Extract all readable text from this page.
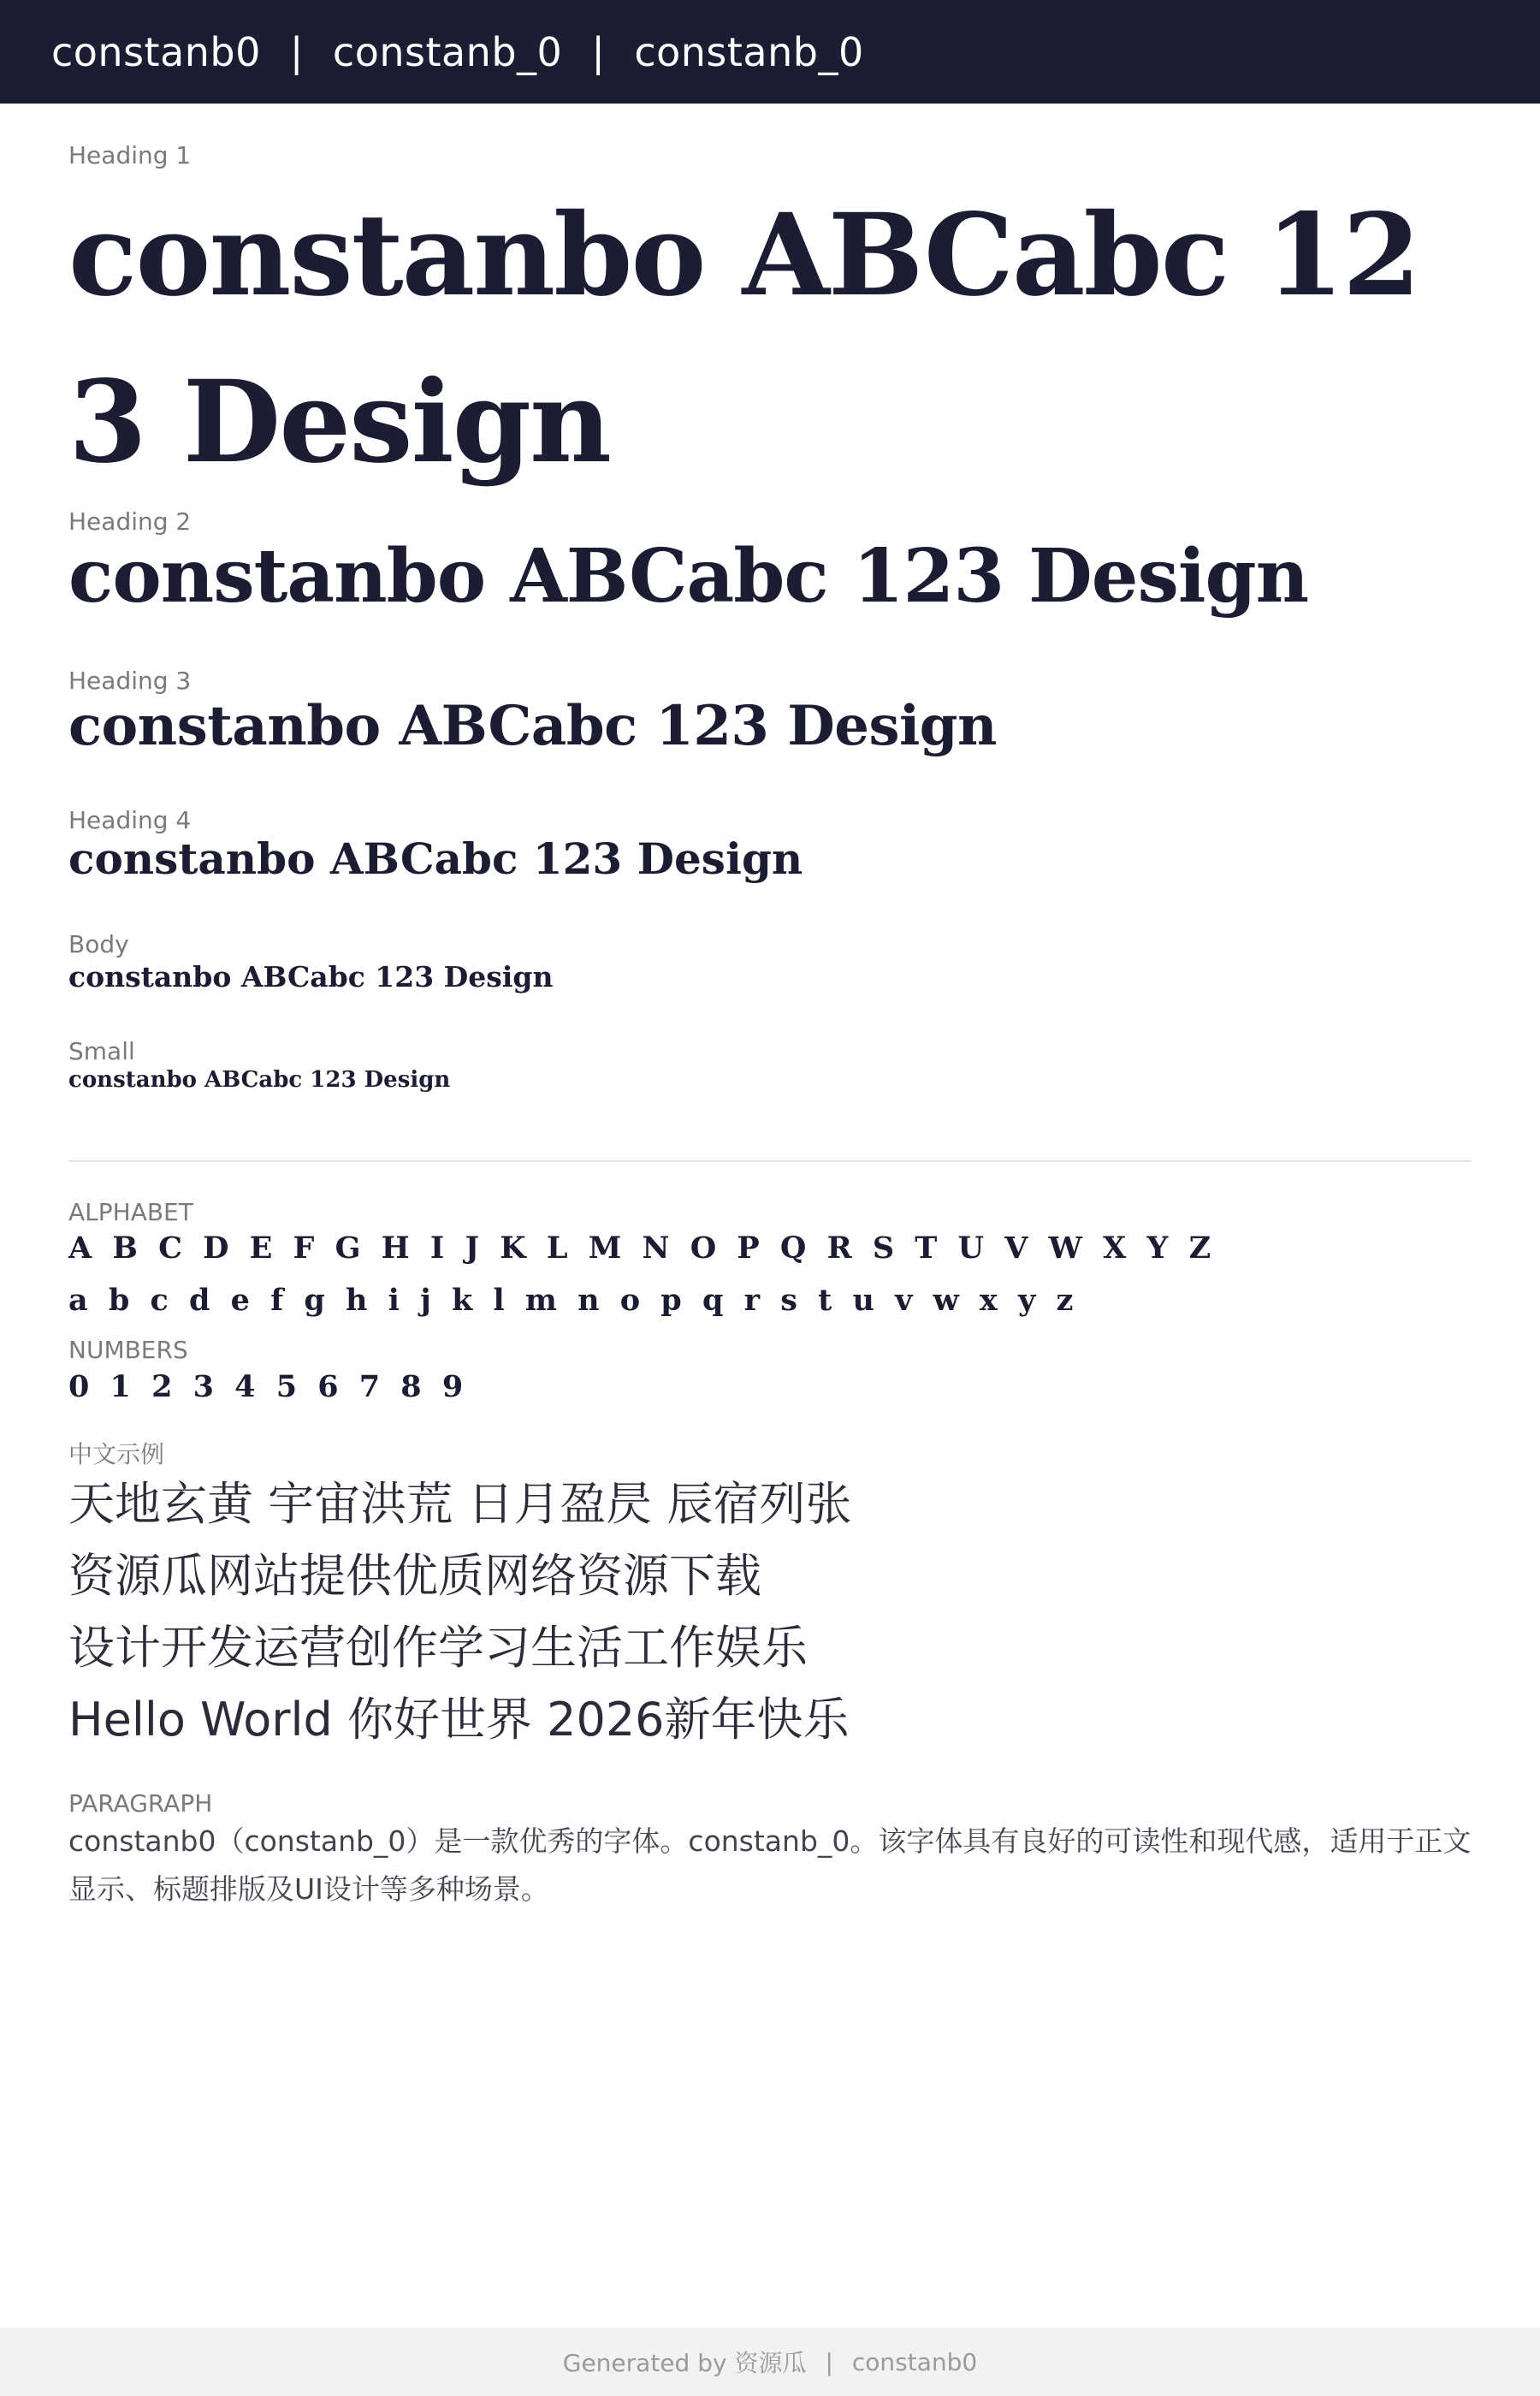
constanb0 | constanb_0 | constanb_0
Heading 1
constanbo ABCabc 123 Design
Heading 2
constanbo ABCabc 123 Design
Heading 3
constanbo ABCabc 123 Design
Heading 4
constanbo ABCabc 123 Design
Body
constanbo ABCabc 123 Design
Small
constanbo ABCabc 123 Design
ALPHABET
A B C D E F G H I J K L M N O P Q R S T U V W X Y Z
a b c d e f g h i j k l m n o p q r s t u v w x y z
NUMBERS
0 1 2 3 4 5 6 7 8 9
中文示例
天地玄黄 宇宙洪荒 日月盈昃 辰宿列张
资源瓜网站提供优质网络资源下载
设计开发运营创作学习生活工作娱乐
Hello World 你好世界 2026新年快乐
PARAGRAPH
constanb0（constanb_0）是一款优秀的字体。constanb_0。该字体具有良好的可读性和现代感，适用于正文显示、标题排版及UI设计等多种场景。
Generated by 资源瓜 | constanb0
